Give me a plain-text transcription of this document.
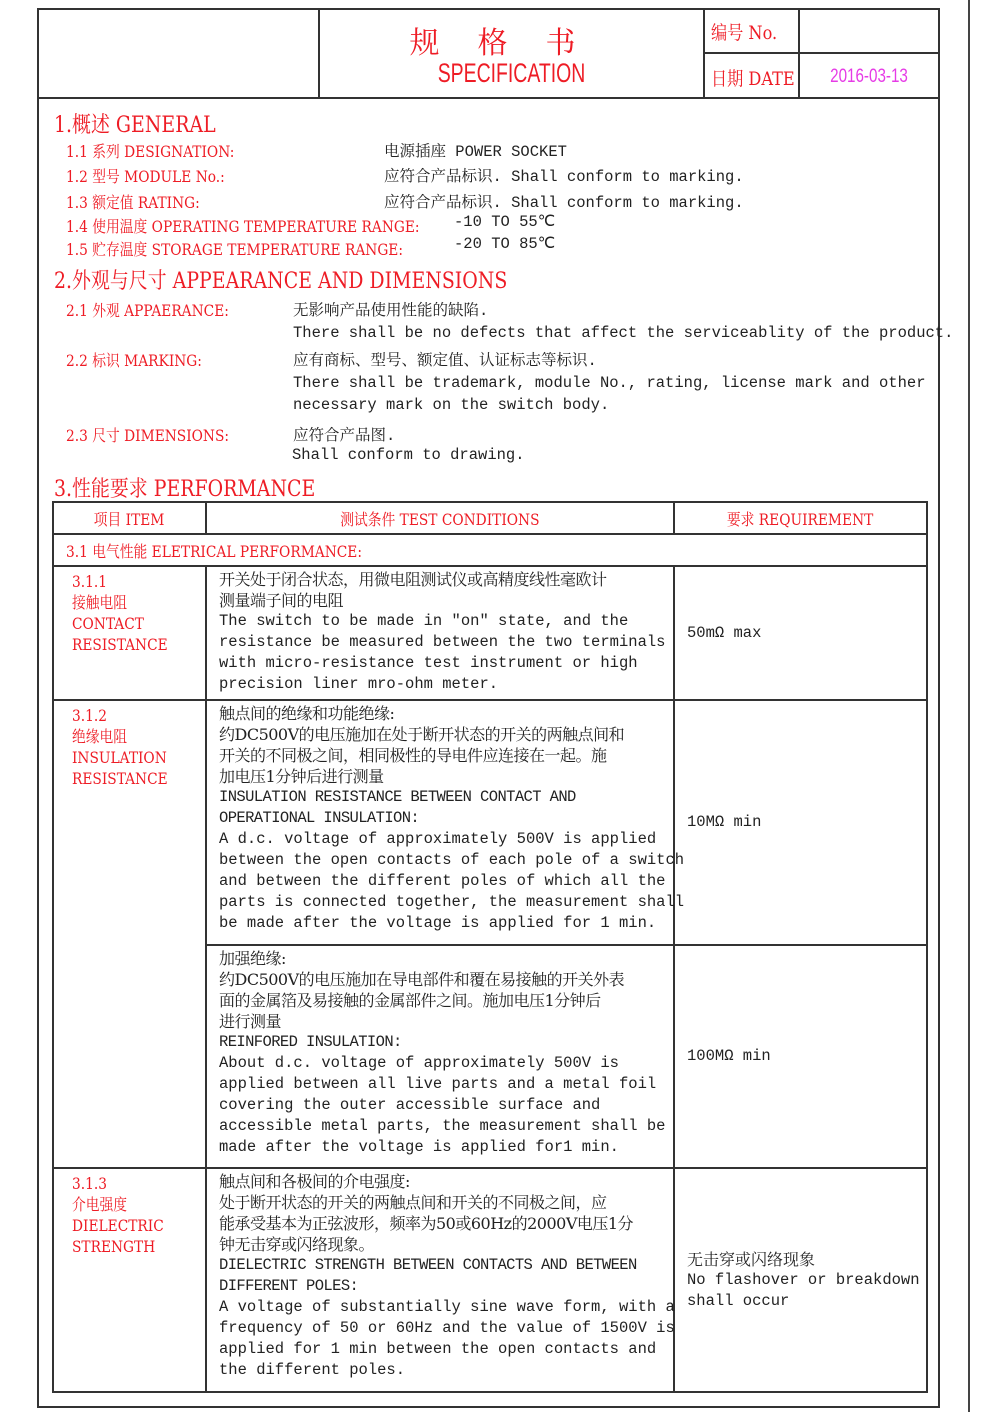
规格书
SPECIFICATION
编号 No.
日期 DATE	2016-03-13
1.概述 GENERAL
1.1 系列 DESIGNATION:	电源插座 POWER SOCKET
1.2 型号 MODULE No.:	应符合产品标识. Shall conform to marking.
1.3 额定值 RATING:	应符合产品标识. Shall conform to marking.
1.4 使用温度 OPERATING TEMPERATURE RANGE: -10 TO 55℃
1.5 贮存温度 STORAGE TEMPERATURE RANGE:	-20 TO 85℃
2.外观与尺寸 APPEARANCE AND DIMENSIONS
2.1 外观 APPAERANCE:	无影响产品使用性能的缺陷.
There shall be no defects that affect the serviceablity of the product.
2.2 标识 MARKING:	应有商标、型号、额定值、认证标志等标识.
There shall be trademark, module No., rating, license mark and other
necessary mark on the switch body.
2.3 尺寸 DIMENSIONS:	应符合产品图.
Shall conform to drawing.
3.性能要求 PERFORMANCE
项目 ITEM	测试条件 TEST CONDITIONS	要求 REQUIREMENT
3.1 电气性能 ELETRICAL PERFORMANCE:		

3.1.1
接触电阻
CONTACT
RESISTANCE

开关处于闭合状态，用微电阻测试仪或高精度线性毫欧计
测量端子间的电阻
The switch to be made in "on" state, and the
resistance be measured between the two terminals
with micro-resistance test instrument or high
precision liner mro-ohm meter.

50mΩ max

3.1.2
绝缘电阻
INSULATION
RESISTANCE

触点间的绝缘和功能绝缘:
约DC500V的电压施加在处于断开状态的开关的两触点间和
开关的不同极之间，相同极性的导电件应连接在一起。施
加电压1分钟后进行测量
INSULATION RESISTANCE BETWEEN CONTACT AND
OPERATIONAL INSULATION:
A d.c. voltage of approximately 500V is applied
between the open contacts of each pole of a switch
and between the different poles of which all the
parts is connected together, the measurement shall
be made after the voltage is applied for 1 min.

10MΩ min

加强绝缘:
约DC500V的电压施加在导电部件和覆在易接触的开关外表
面的金属箔及易接触的金属部件之间。施加电压1分钟后
进行测量
REINFORED INSULATION:
About d.c. voltage of approximately 500V is
applied between all live parts and a metal foil
covering the outer accessible surface and
accessible metal parts, the measurement shall be
made after the voltage is applied for1 min.

100MΩ min

3.1.3
介电强度
DIELECTRIC
STRENGTH

触点间和各极间的介电强度:
处于断开状态的开关的两触点间和开关的不同极之间，应
能承受基本为正弦波形，频率为50或60Hz的2000V电压1分
钟无击穿或闪络现象。
DIELECTRIC STRENGTH BETWEEN CONTACTS AND BETWEEN
DIFFERENT POLES:
A voltage of substantially sine wave form, with a
frequency of 50 or 60Hz and the value of 1500V is
applied for 1 min between the open contacts and
the different poles.

无击穿或闪络现象
No flashover or breakdown
shall occur
